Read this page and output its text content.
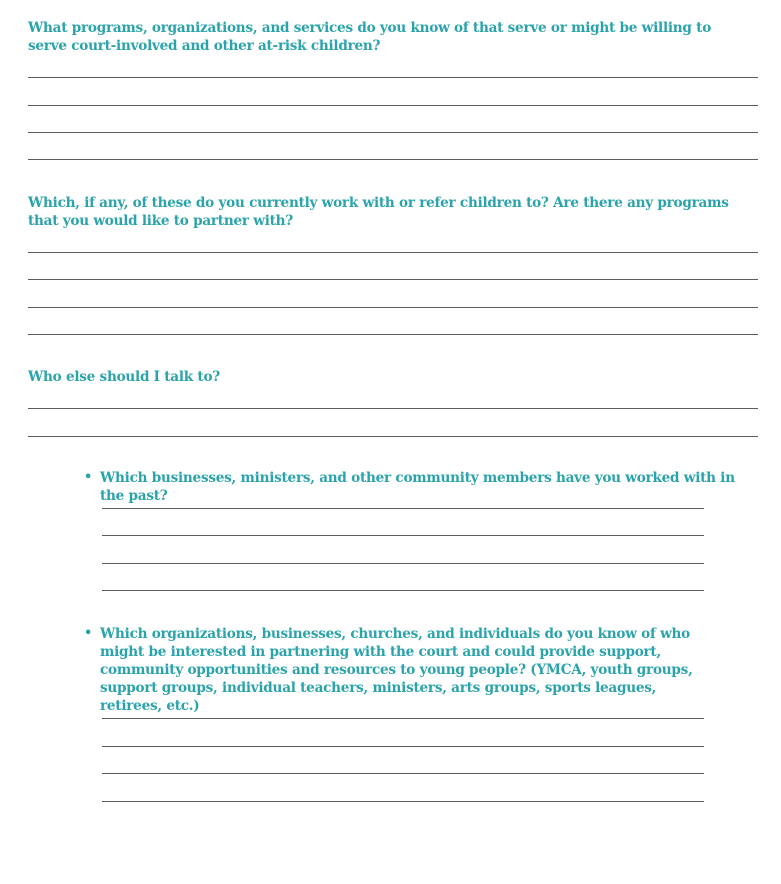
What programs, organizations, and services do you know of that serve or might be willing to serve court-involved and other at-risk children?

Which, if any, of these do you currently work with or refer children to? Are there any programs that you would like to partner with?

Who else should I talk to?

• Which businesses, ministers, and other community members have you worked with in the past?

• Which organizations, businesses, churches, and individuals do you know of who might be interested in partnering with the court and could provide support, community opportunities and resources to young people? (YMCA, youth groups, support groups, individual teachers, ministers, arts groups, sports leagues, retirees, etc.)
